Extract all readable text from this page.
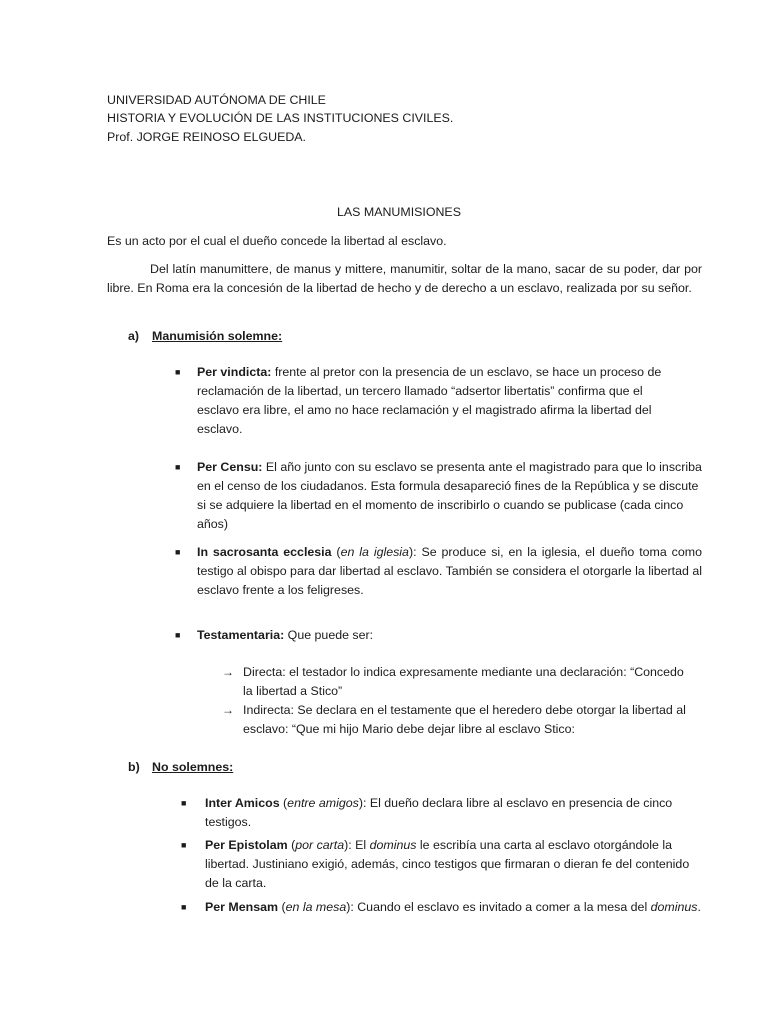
UNIVERSIDAD AUTÓNOMA DE CHILE
HISTORIA Y EVOLUCIÓN DE LAS INSTITUCIONES CIVILES.
Prof. JORGE REINOSO ELGUEDA.
LAS MANUMISIONES
Es un acto por el cual el dueño concede la libertad al esclavo.
Del latín manumittere, de manus y mittere, manumitir, soltar de la mano, sacar de su poder, dar por libre. En Roma era la concesión de la libertad de hecho y de derecho a un esclavo, realizada por su señor.
a) Manumisión solemne:
■ Per vindicta: frente al pretor con la presencia de un esclavo, se hace un proceso de
reclamación de la libertad, un tercero llamado “adsertor libertatis” confirma que el
esclavo era libre, el amo no hace reclamación y el magistrado afirma la libertad del
esclavo.
■ Per Censu: El año junto con su esclavo se presenta ante el magistrado para que lo inscriba
en el censo de los ciudadanos. Esta formula desapareció fines de la República y se discute
si se adquiere la libertad en el momento de inscribirlo o cuando se publicase (cada cinco
años)
■ In sacrosanta ecclesia (en la iglesia): Se produce si, en la iglesia, el dueño toma como testigo al obispo para dar libertad al esclavo. También se considera el otorgarle la libertad al esclavo frente a los feligreses.
■ Testamentaria: Que puede ser:
→ Directa: el testador lo indica expresamente mediante una declaración: “Concedo
la libertad a Stico”
→ Indirecta: Se declara en el testamente que el heredero debe otorgar la libertad al
esclavo: “Que mi hijo Mario debe dejar libre al esclavo Stico:
b) No solemnes:
■ Inter Amicos (entre amigos): El dueño declara libre al esclavo en presencia de cinco
testigos.
■ Per Epistolam (por carta): El dominus le escribía una carta al esclavo otorgándole la
libertad. Justiniano exigió, además, cinco testigos que firmaran o dieran fe del contenido
de la carta.
■ Per Mensam (en la mesa): Cuando el esclavo es invitado a comer a la mesa del dominus.
